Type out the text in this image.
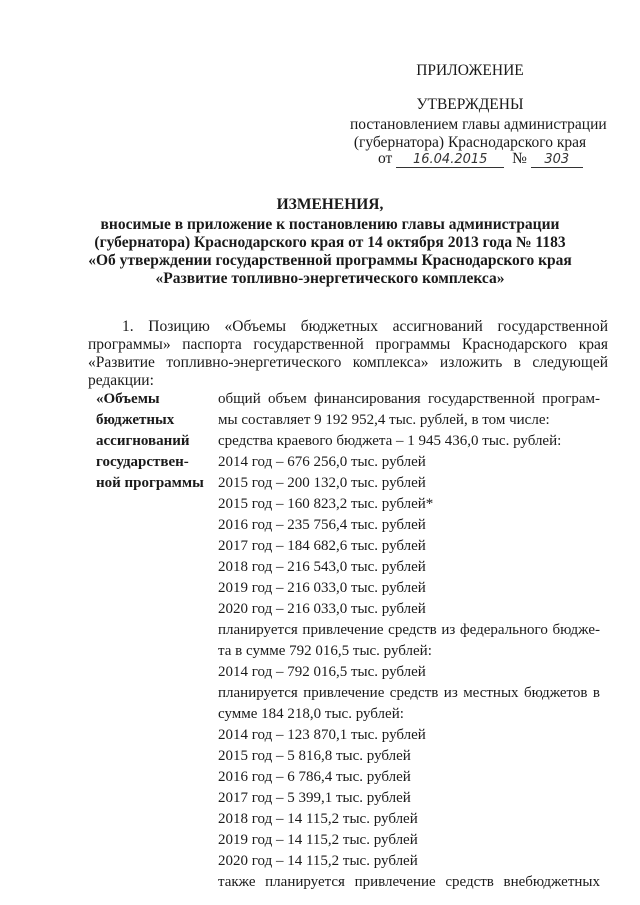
ПРИЛОЖЕНИЕ
УТВЕРЖДЕНЫ
постановлением главы администрации
(губернатора) Краснодарского края
от 16.04.2015 № 303
ИЗМЕНЕНИЯ,
вносимые в приложение к постановлению главы администрации
(губернатора) Краснодарского края от 14 октября 2013 года № 1183
«Об утверждении государственной программы Краснодарского края
«Развитие топливно-энергетического комплекса»
1. Позицию «Объемы бюджетных ассигнований государственной
программы» паспорта государственной программы Краснодарского края
«Развитие топливно-энергетического комплекса» изложить в следующей
редакции:
«Объемы
бюджетных
ассигнований
государствен-
ной программы
общий объем финансирования государственной програм-
мы составляет 9 192 952,4 тыс. рублей, в том числе:
средства краевого бюджета – 1 945 436,0 тыс. рублей:
2014 год – 676 256,0 тыс. рублей
2015 год – 200 132,0 тыс. рублей
2015 год – 160 823,2 тыс. рублей*
2016 год – 235 756,4 тыс. рублей
2017 год – 184 682,6 тыс. рублей
2018 год – 216 543,0 тыс. рублей
2019 год – 216 033,0 тыс. рублей
2020 год – 216 033,0 тыс. рублей
планируется привлечение средств из федерального бюдже-
та в сумме 792 016,5 тыс. рублей:
2014 год – 792 016,5 тыс. рублей
планируется привлечение средств из местных бюджетов в
сумме 184 218,0 тыс. рублей:
2014 год – 123 870,1 тыс. рублей
2015 год – 5 816,8 тыс. рублей
2016 год – 6 786,4 тыс. рублей
2017 год – 5 399,1 тыс. рублей
2018 год – 14 115,2 тыс. рублей
2019 год – 14 115,2 тыс. рублей
2020 год – 14 115,2 тыс. рублей
также планируется привлечение средств внебюджетных
